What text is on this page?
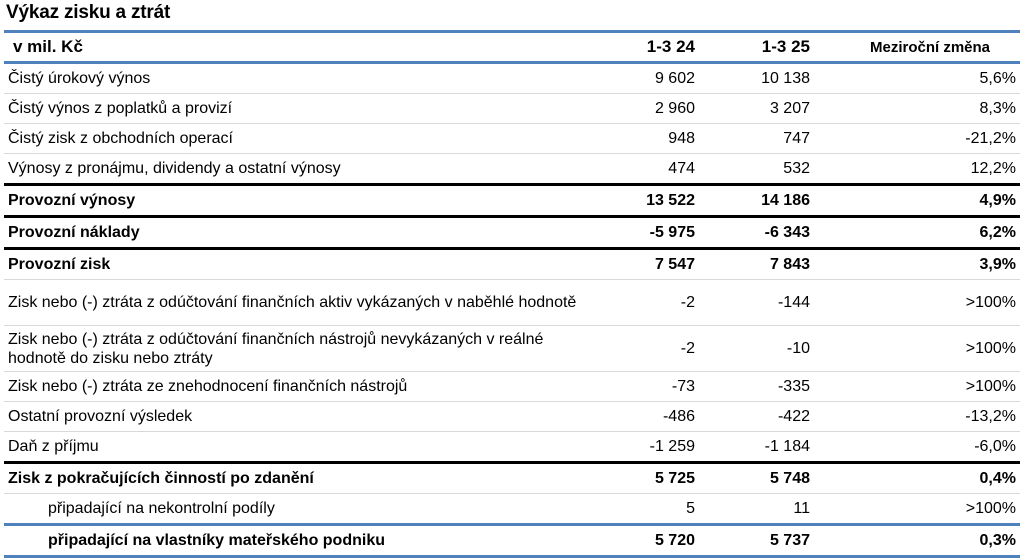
Výkaz zisku a ztrát
v mil. Kč	1-3 24	1-3 25	Meziroční změna
Čistý úrokový výnos	9 602	10 138	5,6%
Čistý výnos z poplatků a provizí	2 960	3 207	8,3%
Čistý zisk z obchodních operací	948	747	-21,2%
Výnosy z pronájmu, dividendy a ostatní výnosy	474	532	12,2%
Provozní výnosy	13 522	14 186	4,9%
Provozní náklady	-5 975	-6 343	6,2%
Provozní zisk	7 547	7 843	3,9%
Zisk nebo (-) ztráta z odúčtování finančních aktiv vykázaných v naběhlé hodnotě	-2	-144	>100%
Zisk nebo (-) ztráta z odúčtování finančních nástrojů nevykázaných v reálné hodnotě do zisku nebo ztráty	-2	-10	>100%
Zisk nebo (-) ztráta ze znehodnocení finančních nástrojů	-73	-335	>100%
Ostatní provozní výsledek	-486	-422	-13,2%
Daň z příjmu	-1 259	-1 184	-6,0%
Zisk z pokračujících činností po zdanění	5 725	5 748	0,4%
připadající na nekontrolní podíly	5	11	>100%
připadající na vlastníky mateřského podniku	5 720	5 737	0,3%
